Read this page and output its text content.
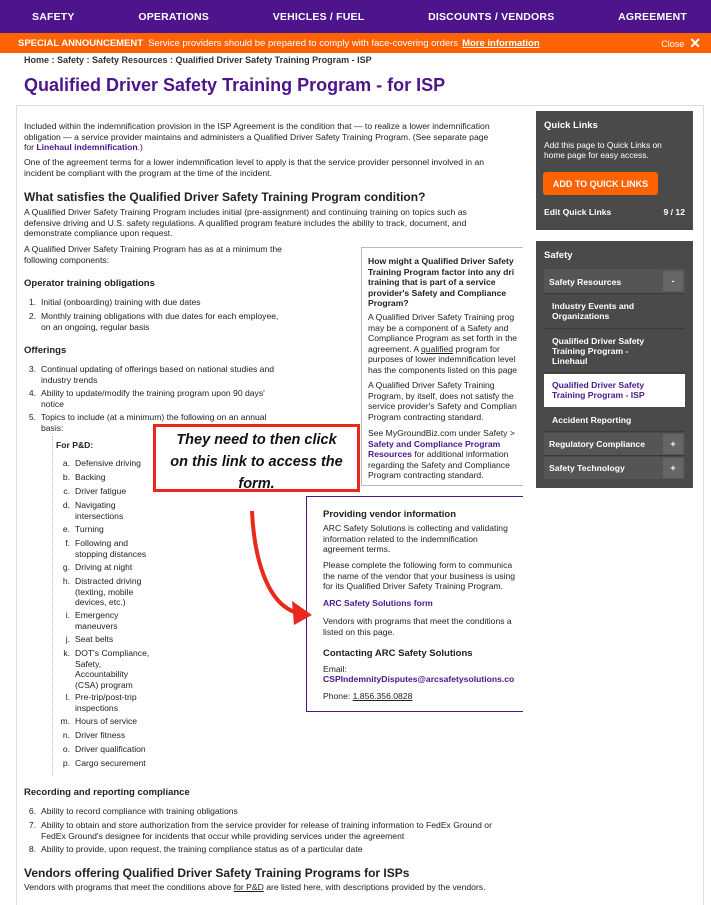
SAFETY	OPERATIONS	VEHICLES / FUEL	DISCOUNTS / VENDORS	AGREEMENT
SPECIAL ANNOUNCEMENT Service providers should be prepared to comply with face-covering orders More information	Close ✕
Home : Safety : Safety Resources : Qualified Driver Safety Training Program - ISP
Qualified Driver Safety Training Program - for ISP
Included within the indemnification provision in the ISP Agreement is the condition that — to realize a lower indemnification
obligation — a service provider maintains and administers a Qualified Driver Safety Training Program. (See separate page
for Linehaul indemnification.)
One of the agreement terms for a lower indemnification level to apply is that the service provider personnel involved in an
incident be compliant with the program at the time of the incident.
What satisfies the Qualified Driver Safety Training Program condition?
A Qualified Driver Safety Training Program includes initial (pre-assignment) and continuing training on topics such as
defensive driving and U.S. safety regulations. A qualified program feature includes the ability to track, document, and
demonstrate compliance upon request.
A Qualified Driver Safety Training Program has as at a minimum the
following components:
Operator training obligations
1. Initial (onboarding) training with due dates
2. Monthly training obligations with due dates for each employee,
on an ongoing, regular basis
Offerings
3. Continual updating of offerings based on national studies and
industry trends
4. Ability to update/modify the training program upon 90 days'
notice
5. Topics to include (at a minimum) the following on an annual
basis:
For P&D:
a. Defensive driving
b. Backing
c. Driver fatigue
d. Navigating
intersections
e. Turning
f. Following and
stopping distances
g. Driving at night
h. Distracted driving
(texting, mobile
devices, etc.)
i. Emergency
maneuvers
j. Seat belts
k. DOT's Compliance,
Safety,
Accountability
(CSA) program
l. Pre-trip/post-trip
inspections
m. Hours of service
n. Driver fitness
o. Driver qualification
p. Cargo securement
Recording and reporting compliance
6. Ability to record compliance with training obligations
7. Ability to obtain and store authorization from the service provider for release of training information to FedEx Ground or
FedEx Ground's designee for incidents that occur while providing services under the agreement
8. Ability to provide, upon request, the training compliance status as of a particular date
Vendors offering Qualified Driver Safety Training Programs for ISPs
Vendors with programs that meet the conditions above for P&D are listed here, with descriptions provided by the vendors.
How might a Qualified Driver Safety
Training Program factor into any dri
training that is part of a service
provider's Safety and Compliance
Program?
A Qualified Driver Safety Training prog
may be a component of a Safety and
Compliance Program as set forth in the
agreement. A qualified program for
purposes of lower indemnification level
has the components listed on this page
A Qualified Driver Safety Training
Program, by itself, does not satisfy the
service provider's Safety and Complian
Program contracting standard.
See MyGroundBiz.com under Safety >
Safety and Compliance Program
Resources for additional information
regarding the Safety and Compliance
Program contracting standard.
Providing vendor information
ARC Safety Solutions is collecting and validating
information related to the indemnification
agreement terms.
Please complete the following form to communica
the name of the vendor that your business is using
for its Qualified Driver Safety Training Program.
ARC Safety Solutions form
Vendors with programs that meet the conditions a
listed on this page.
Contacting ARC Safety Solutions
Email:
CSPIndemnityDisputes@arcsafetysolutions.co
Phone: 1.856.356.0828
They need to then click
on this link to access the
form.
Quick Links
Add this page to Quick Links on
home page for easy access.
ADD TO QUICK LINKS
Edit Quick Links	9 / 12
Safety
Safety Resources	-
Industry Events and
Organizations
Qualified Driver Safety
Training Program -
Linehaul
Qualified Driver Safety
Training Program - ISP
Accident Reporting
Regulatory Compliance	+
Safety Technology	+
